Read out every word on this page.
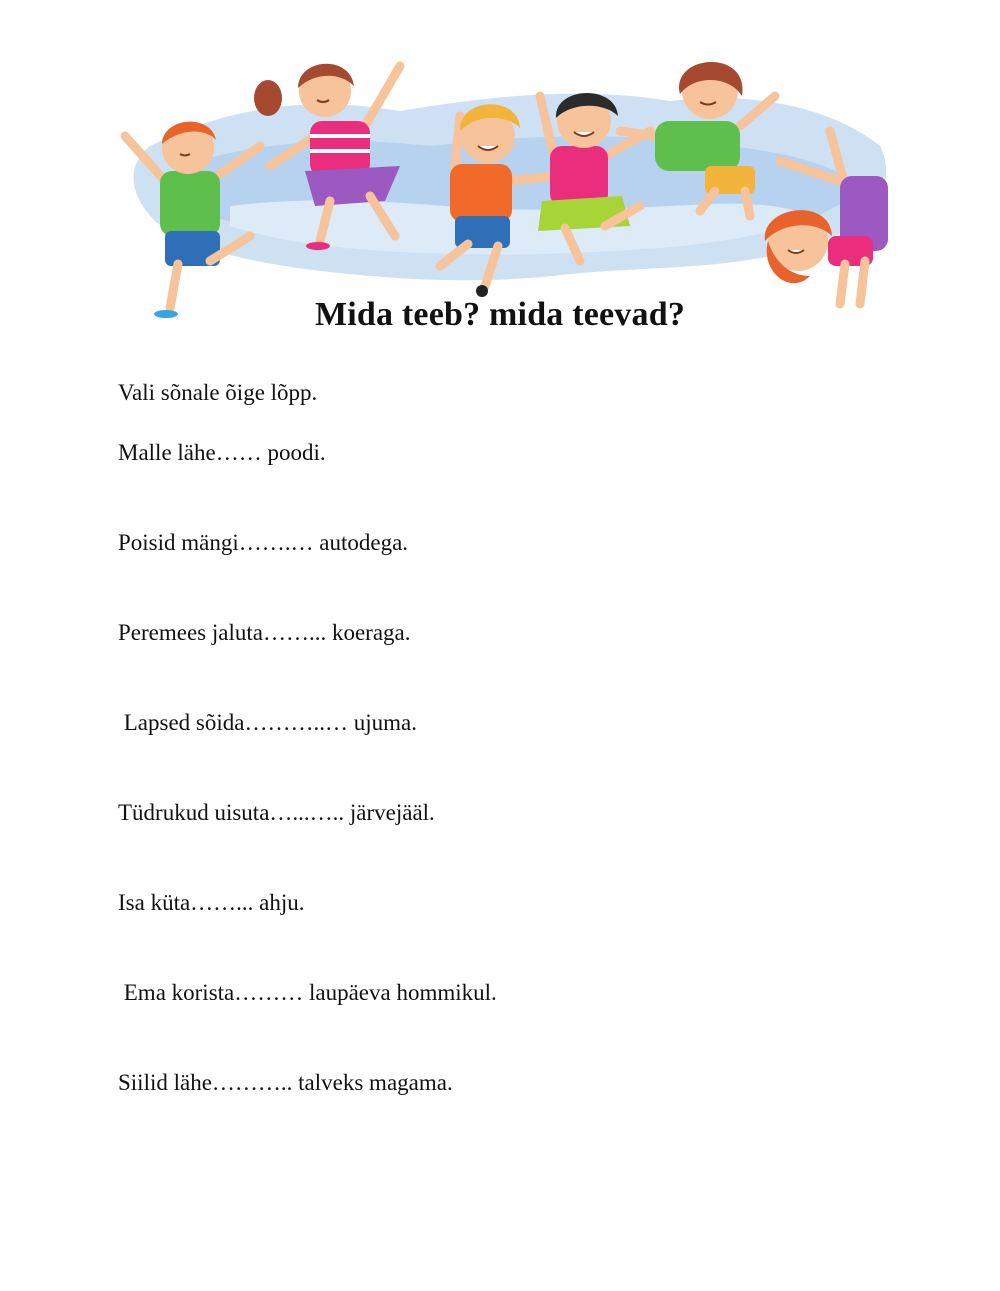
Mida teeb? mida teevad?
Vali sõnale õige lõpp.
Malle lähe…… poodi.
Poisid mängi…….… autodega.
Peremees jaluta……... koeraga.
Lapsed sõida………..… ujuma.
Tüdrukud uisuta…...….. järvejääl.
Isa küta……... ahju.
Ema korista……… laupäeva hommikul.
Siilid lähe……….. talveks magama.
